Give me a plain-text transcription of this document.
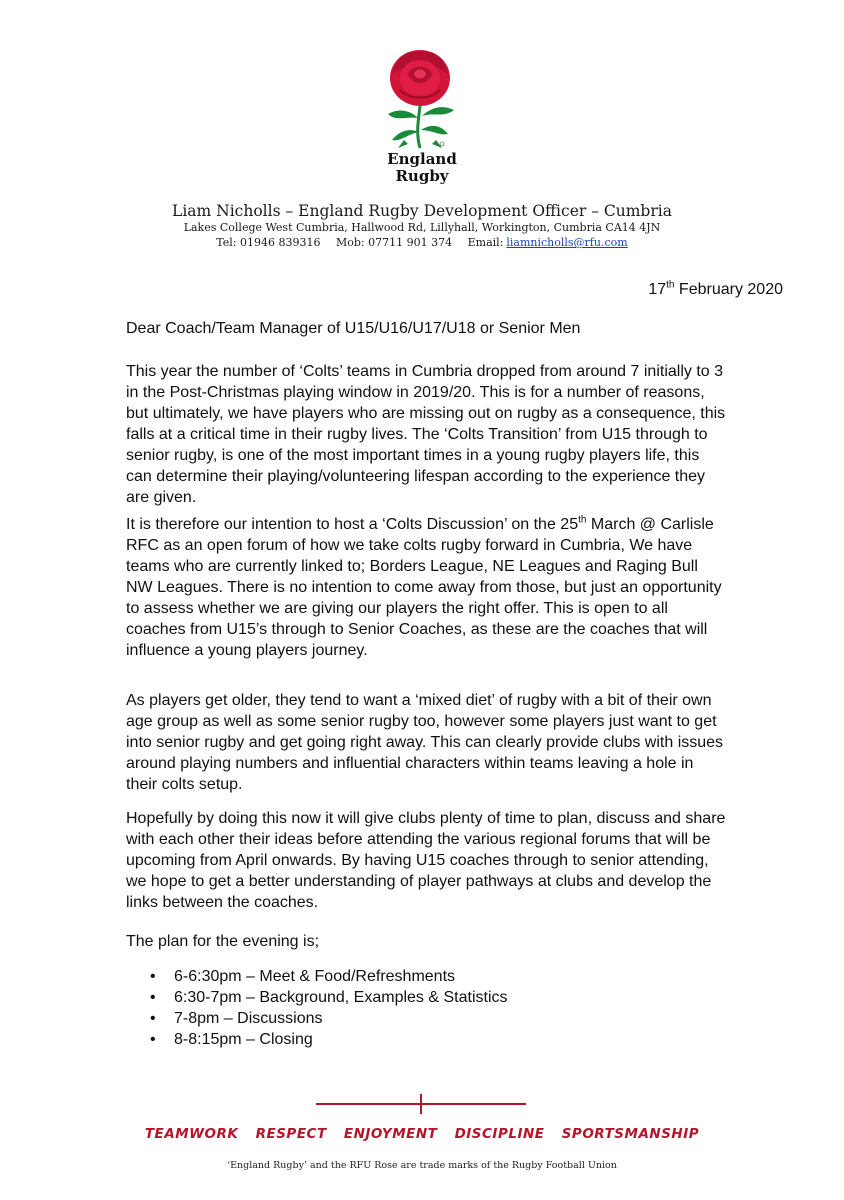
England
Rugby
Liam Nicholls – England Rugby Development Officer – Cumbria
Lakes College West Cumbria, Hallwood Rd, Lillyhall, Workington, Cumbria CA14 4JN
Tel: 01946 839316 Mob: 07711 901 374 Email: liamnicholls@rfu.com
17th February 2020
Dear Coach/Team Manager of U15/U16/U17/U18 or Senior Men
This year the number of ‘Colts’ teams in Cumbria dropped from around 7 initially to 3 in the Post-Christmas playing window in 2019/20. This is for a number of reasons, but ultimately, we have players who are missing out on rugby as a consequence, this falls at a critical time in their rugby lives. The ‘Colts Transition’ from U15 through to senior rugby, is one of the most important times in a young rugby players life, this can determine their playing/volunteering lifespan according to the experience they are given.
It is therefore our intention to host a ‘Colts Discussion’ on the 25th March @ Carlisle RFC as an open forum of how we take colts rugby forward in Cumbria, We have teams who are currently linked to; Borders League, NE Leagues and Raging Bull NW Leagues. There is no intention to come away from those, but just an opportunity to assess whether we are giving our players the right offer. This is open to all coaches from U15’s through to Senior Coaches, as these are the coaches that will influence a young players journey.
As players get older, they tend to want a ‘mixed diet’ of rugby with a bit of their own age group as well as some senior rugby too, however some players just want to get into senior rugby and get going right away. This can clearly provide clubs with issues around playing numbers and influential characters within teams leaving a hole in their colts setup.
Hopefully by doing this now it will give clubs plenty of time to plan, discuss and share with each other their ideas before attending the various regional forums that will be upcoming from April onwards. By having U15 coaches through to senior attending, we hope to get a better understanding of player pathways at clubs and develop the links between the coaches.
The plan for the evening is;
• 6-6:30pm – Meet & Food/Refreshments
• 6:30-7pm – Background, Examples & Statistics
• 7-8pm – Discussions
• 8-8:15pm – Closing
TEAMWORK RESPECT ENJOYMENT DISCIPLINE SPORTSMANSHIP
‘England Rugby’ and the RFU Rose are trade marks of the Rugby Football Union
